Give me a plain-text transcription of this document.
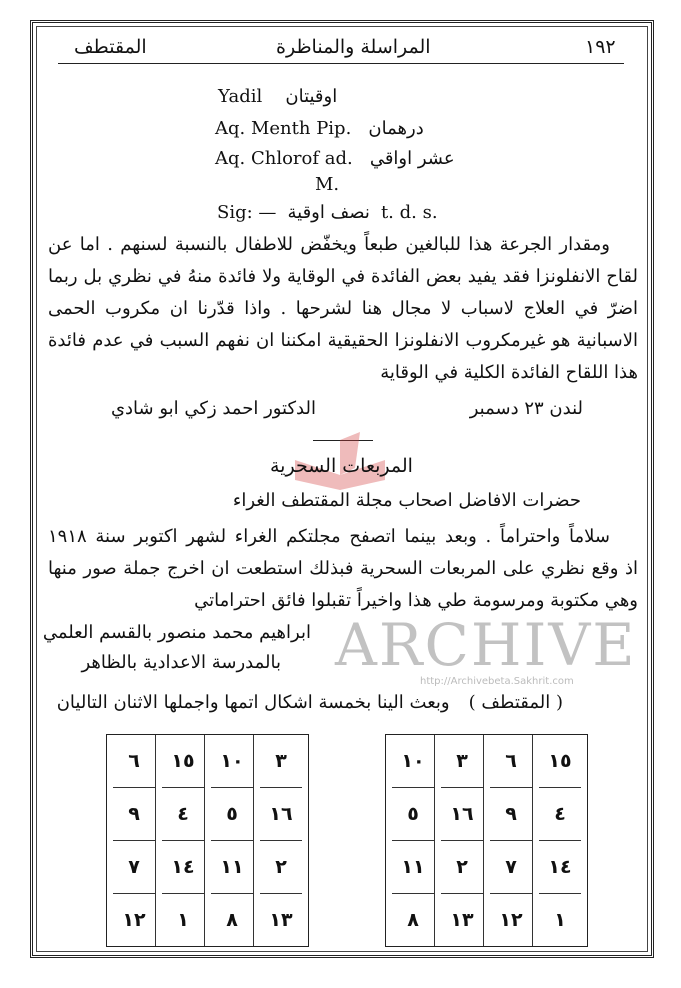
المقتطف	المراسلة والمناظرة	١٩٢
Yadil اوقيتان
Aq. Menth Pip. درهمان
Aq. Chlorof ad. عشر اواقي
M.
Sig: — نصف اوقية t. d. s.
ومقدار الجرعة هذا للبالغين طبعاً ويخفّض للاطفال بالنسبة لسنهم . اما عن
لقاح الانفلونزا فقد يفيد بعض الفائدة في الوقاية ولا فائدة منهُ في نظري بل ربما
اضرّ في العلاج لاسباب لا مجال هنا لشرحها . واذا قدّرنا ان مكروب الحمى
الاسبانية هو غيرمكروب الانفلونزا الحقيقية امكننا ان نفهم السبب في عدم فائدة
هذا اللقاح الفائدة الكلية في الوقاية
لندن ٢٣ دسمبر
الدكتور احمد زكي ابو شادي
المربعات السحرية
حضرات الافاضل اصحاب مجلة المقتطف الغراء
سلاماً واحتراماً . وبعد بينما اتصفح مجلتكم الغراء لشهر اكتوبر سنة ١٩١٨
اذ وقع نظري على المربعات السحرية فبذلك استطعت ان اخرج جملة صور منها
وهي مكتوبة ومرسومة طي هذا واخيراً تقبلوا فائق احتراماتي
ابراهيم محمد منصور بالقسم العلمي
بالمدرسة الاعدادية بالظاهر ARCHIVE
http://Archivebeta.Sakhrit.com
( المقتطف ) وبعث الينا بخمسة اشكال اتمها واجملها الاثنان التاليان
٦	١٥	١٠	٣
٩	٤	٥	١٦
٧	١٤	١١	٢
١٢	١	٨	١٣
١٠	٣	٦	١٥
٥	١٦	٩	٤
١١	٢	٧	١٤
٨	١٣	١٢	١
